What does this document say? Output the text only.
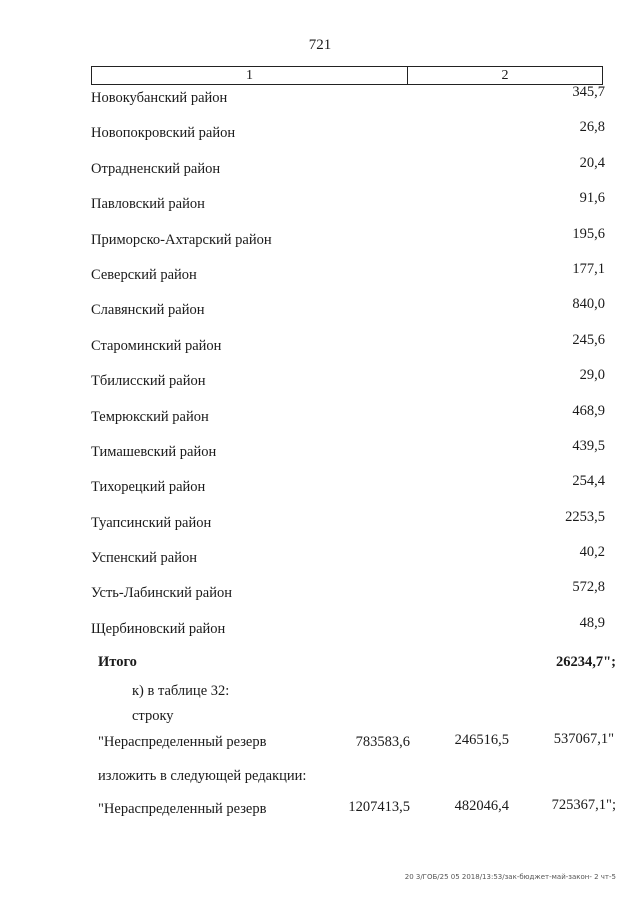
721
1	2
Новокубанский район	345,7
Новопокровский район	26,8
Отрадненский район	20,4
Павловский район	91,6
Приморско-Ахтарский район	195,6
Северский район	177,1
Славянский район	840,0
Староминский район	245,6
Тбилисский район	29,0
Темрюкский район	468,9
Тимашевский район	439,5
Тихорецкий район	254,4
Туапсинский район	2253,5
Успенский район	40,2
Усть-Лабинский район	572,8
Щербиновский район	48,9
Итого	26234,7";
к) в таблице 32:
строку
"Нераспределенный резерв	783583,6	246516,5	537067,1"
изложить в следующей редакции:
"Нераспределенный резерв	1207413,5	482046,4	725367,1";
20 3/ГОБ/25 05 2018/13:53/зак-бюджет-май-закон- 2 чт-5
